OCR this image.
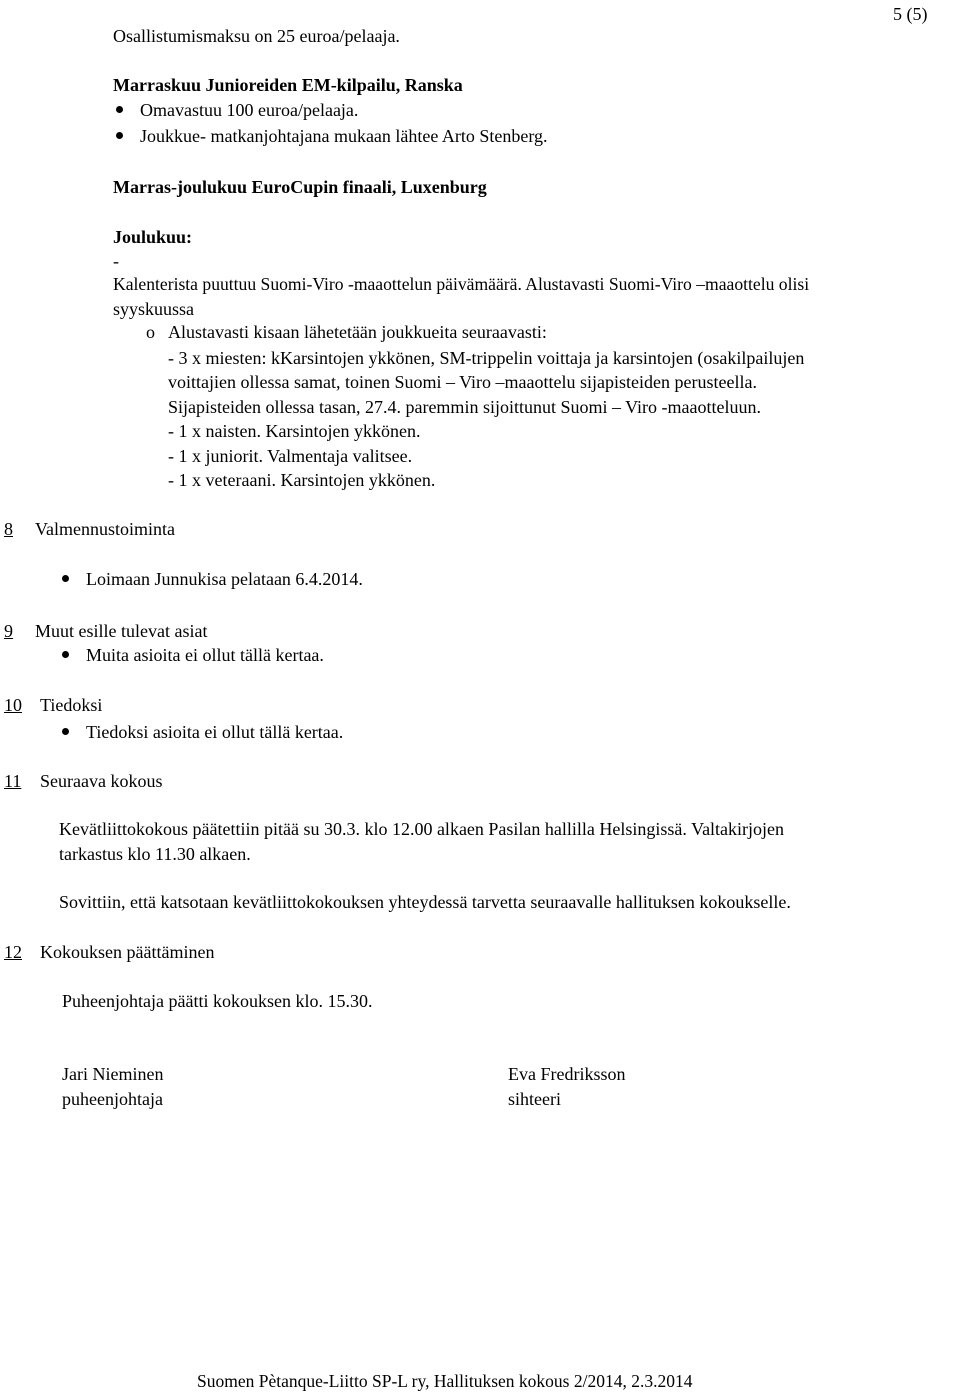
5 (5)
Osallistumismaksu on 25 euroa/pelaaja.
Marraskuu Junioreiden EM-kilpailu, Ranska
Omavastuu 100 euroa/pelaaja.
Joukkue- matkanjohtajana mukaan lähtee Arto Stenberg.
Marras-joulukuu EuroCupin finaali, Luxenburg
Joulukuu:
-
Kalenterista puuttuu Suomi-Viro -maaottelun päivämäärä. Alustavasti Suomi-Viro –maaottelu olisi
syyskuussa
o Alustavasti kisaan lähetetään joukkueita seuraavasti:
- 3 x miesten: kKarsintojen ykkönen, SM-trippelin voittaja ja karsintojen (osakilpailujen
voittajien ollessa samat, toinen Suomi – Viro –maaottelu sijapisteiden perusteella.
Sijapisteiden ollessa tasan, 27.4. paremmin sijoittunut Suomi – Viro -maaotteluun.
- 1 x naisten. Karsintojen ykkönen.
- 1 x juniorit. Valmentaja valitsee.
- 1 x veteraani. Karsintojen ykkönen.
8 Valmennustoiminta
Loimaan Junnukisa pelataan 6.4.2014.
9 Muut esille tulevat asiat
Muita asioita ei ollut tällä kertaa.
10 Tiedoksi
Tiedoksi asioita ei ollut tällä kertaa.
11 Seuraava kokous
Kevätliittokokous päätettiin pitää su 30.3. klo 12.00 alkaen Pasilan hallilla Helsingissä. Valtakirjojen
tarkastus klo 11.30 alkaen.
Sovittiin, että katsotaan kevätliittokokouksen yhteydessä tarvetta seuraavalle hallituksen kokoukselle.
12 Kokouksen päättäminen
Puheenjohtaja päätti kokouksen klo. 15.30.
Jari Nieminen
puheenjohtaja
Eva Fredriksson
sihteeri
Suomen Pètanque-Liitto SP-L ry, Hallituksen kokous 2/2014, 2.3.2014
